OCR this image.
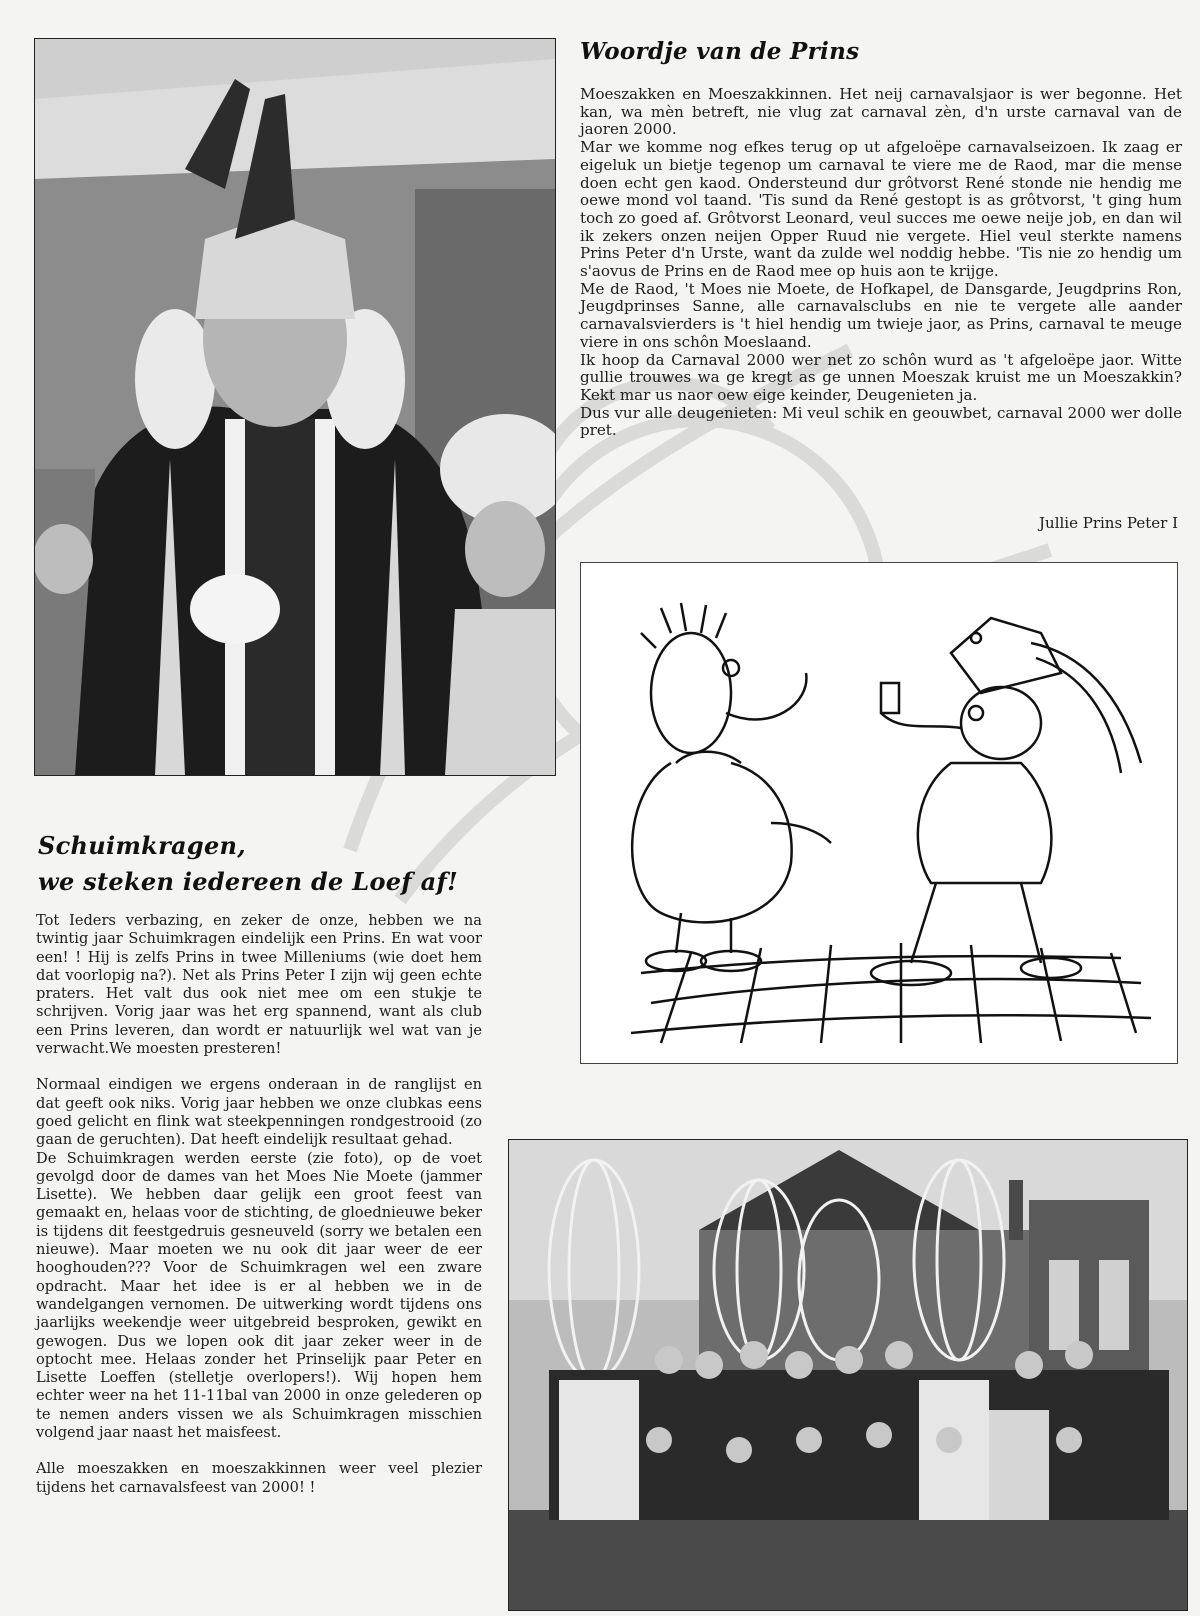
Woordje van de Prins

Moeszakken en Moeszakkinnen. Het neij carnavalsjaor is wer begonne. Het kan, wa mèn betreft, nie vlug zat carnaval zèn, d'n urste carnaval van de jaoren 2000.

Mar we komme nog efkes terug op ut afgeloëpe carnavalseizoen. Ik zaag er eigeluk un bietje tegenop um carnaval te viere me de Raod, mar die mense doen echt gen kaod. Ondersteund dur grôtvorst René stonde nie hendig me oewe mond vol taand. 'Tis sund da René gestopt is as grôtvorst, 't ging hum toch zo goed af. Grôtvorst Leonard, veul succes me oewe neije job, en dan wil ik zekers onzen neijen Opper Ruud nie vergete. Hiel veul sterkte namens Prins Peter d'n Urste, want da zulde wel noddig hebbe. 'Tis nie zo hendig um s'aovus de Prins en de Raod mee op huis aon te krijge.

Me de Raod, 't Moes nie Moete, de Hofkapel, de Dansgarde, Jeugdprins Ron, Jeugdprinses Sanne, alle carnavalsclubs en nie te vergete alle aander carnavalsvierders is 't hiel hendig um twieje jaor, as Prins, carnaval te meuge viere in ons schôn Moeslaand.

Ik hoop da Carnaval 2000 wer net zo schôn wurd as 't afgeloëpe jaor. Witte gullie trouwes wa ge kregt as ge unnen Moeszak kruist me un Moeszakkin? Kekt mar us naor oew eige keinder, Deugenieten ja.

Dus vur alle deugenieten: Mi veul schik en geouwbet, carnaval 2000 wer dolle pret.

Jullie Prins Peter I

Schuimkragen,
we steken iedereen de Loef af!

Tot Ieders verbazing, en zeker de onze, hebben we na twintig jaar Schuimkragen eindelijk een Prins. En wat voor een! ! Hij is zelfs Prins in twee Milleniums (wie doet hem dat voorlopig na?). Net als Prins Peter I zijn wij geen echte praters. Het valt dus ook niet mee om een stukje te schrijven. Vorig jaar was het erg spannend, want als club een Prins leveren, dan wordt er natuurlijk wel wat van je verwacht.We moesten presteren!

Normaal eindigen we ergens onderaan in de ranglijst en dat geeft ook niks. Vorig jaar hebben we onze clubkas eens goed gelicht en flink wat steekpenningen rondgestrooid (zo gaan de geruchten). Dat heeft eindelijk resultaat gehad.

De Schuimkragen werden eerste (zie foto), op de voet gevolgd door de dames van het Moes Nie Moete (jammer Lisette). We hebben daar gelijk een groot feest van gemaakt en, helaas voor de stichting, de gloednieuwe beker is tijdens dit feestgedruis gesneuveld (sorry we betalen een nieuwe). Maar moeten we nu ook dit jaar weer de eer hooghouden??? Voor de Schuimkragen wel een zware opdracht. Maar het idee is er al hebben we in de wandelgangen vernomen. De uitwerking wordt tijdens ons jaarlijks weekendje weer uitgebreid besproken, gewikt en gewogen. Dus we lopen ook dit jaar zeker weer in de optocht mee. Helaas zonder het Prinselijk paar Peter en Lisette Loeffen (stelletje overlopers!). Wij hopen hem echter weer na het 11-11bal van 2000 in onze gelederen op te nemen anders vissen we als Schuimkragen misschien volgend jaar naast het maisfeest.

Alle moeszakken en moeszakkinnen weer veel plezier tijdens het carnavalsfeest van 2000! !
